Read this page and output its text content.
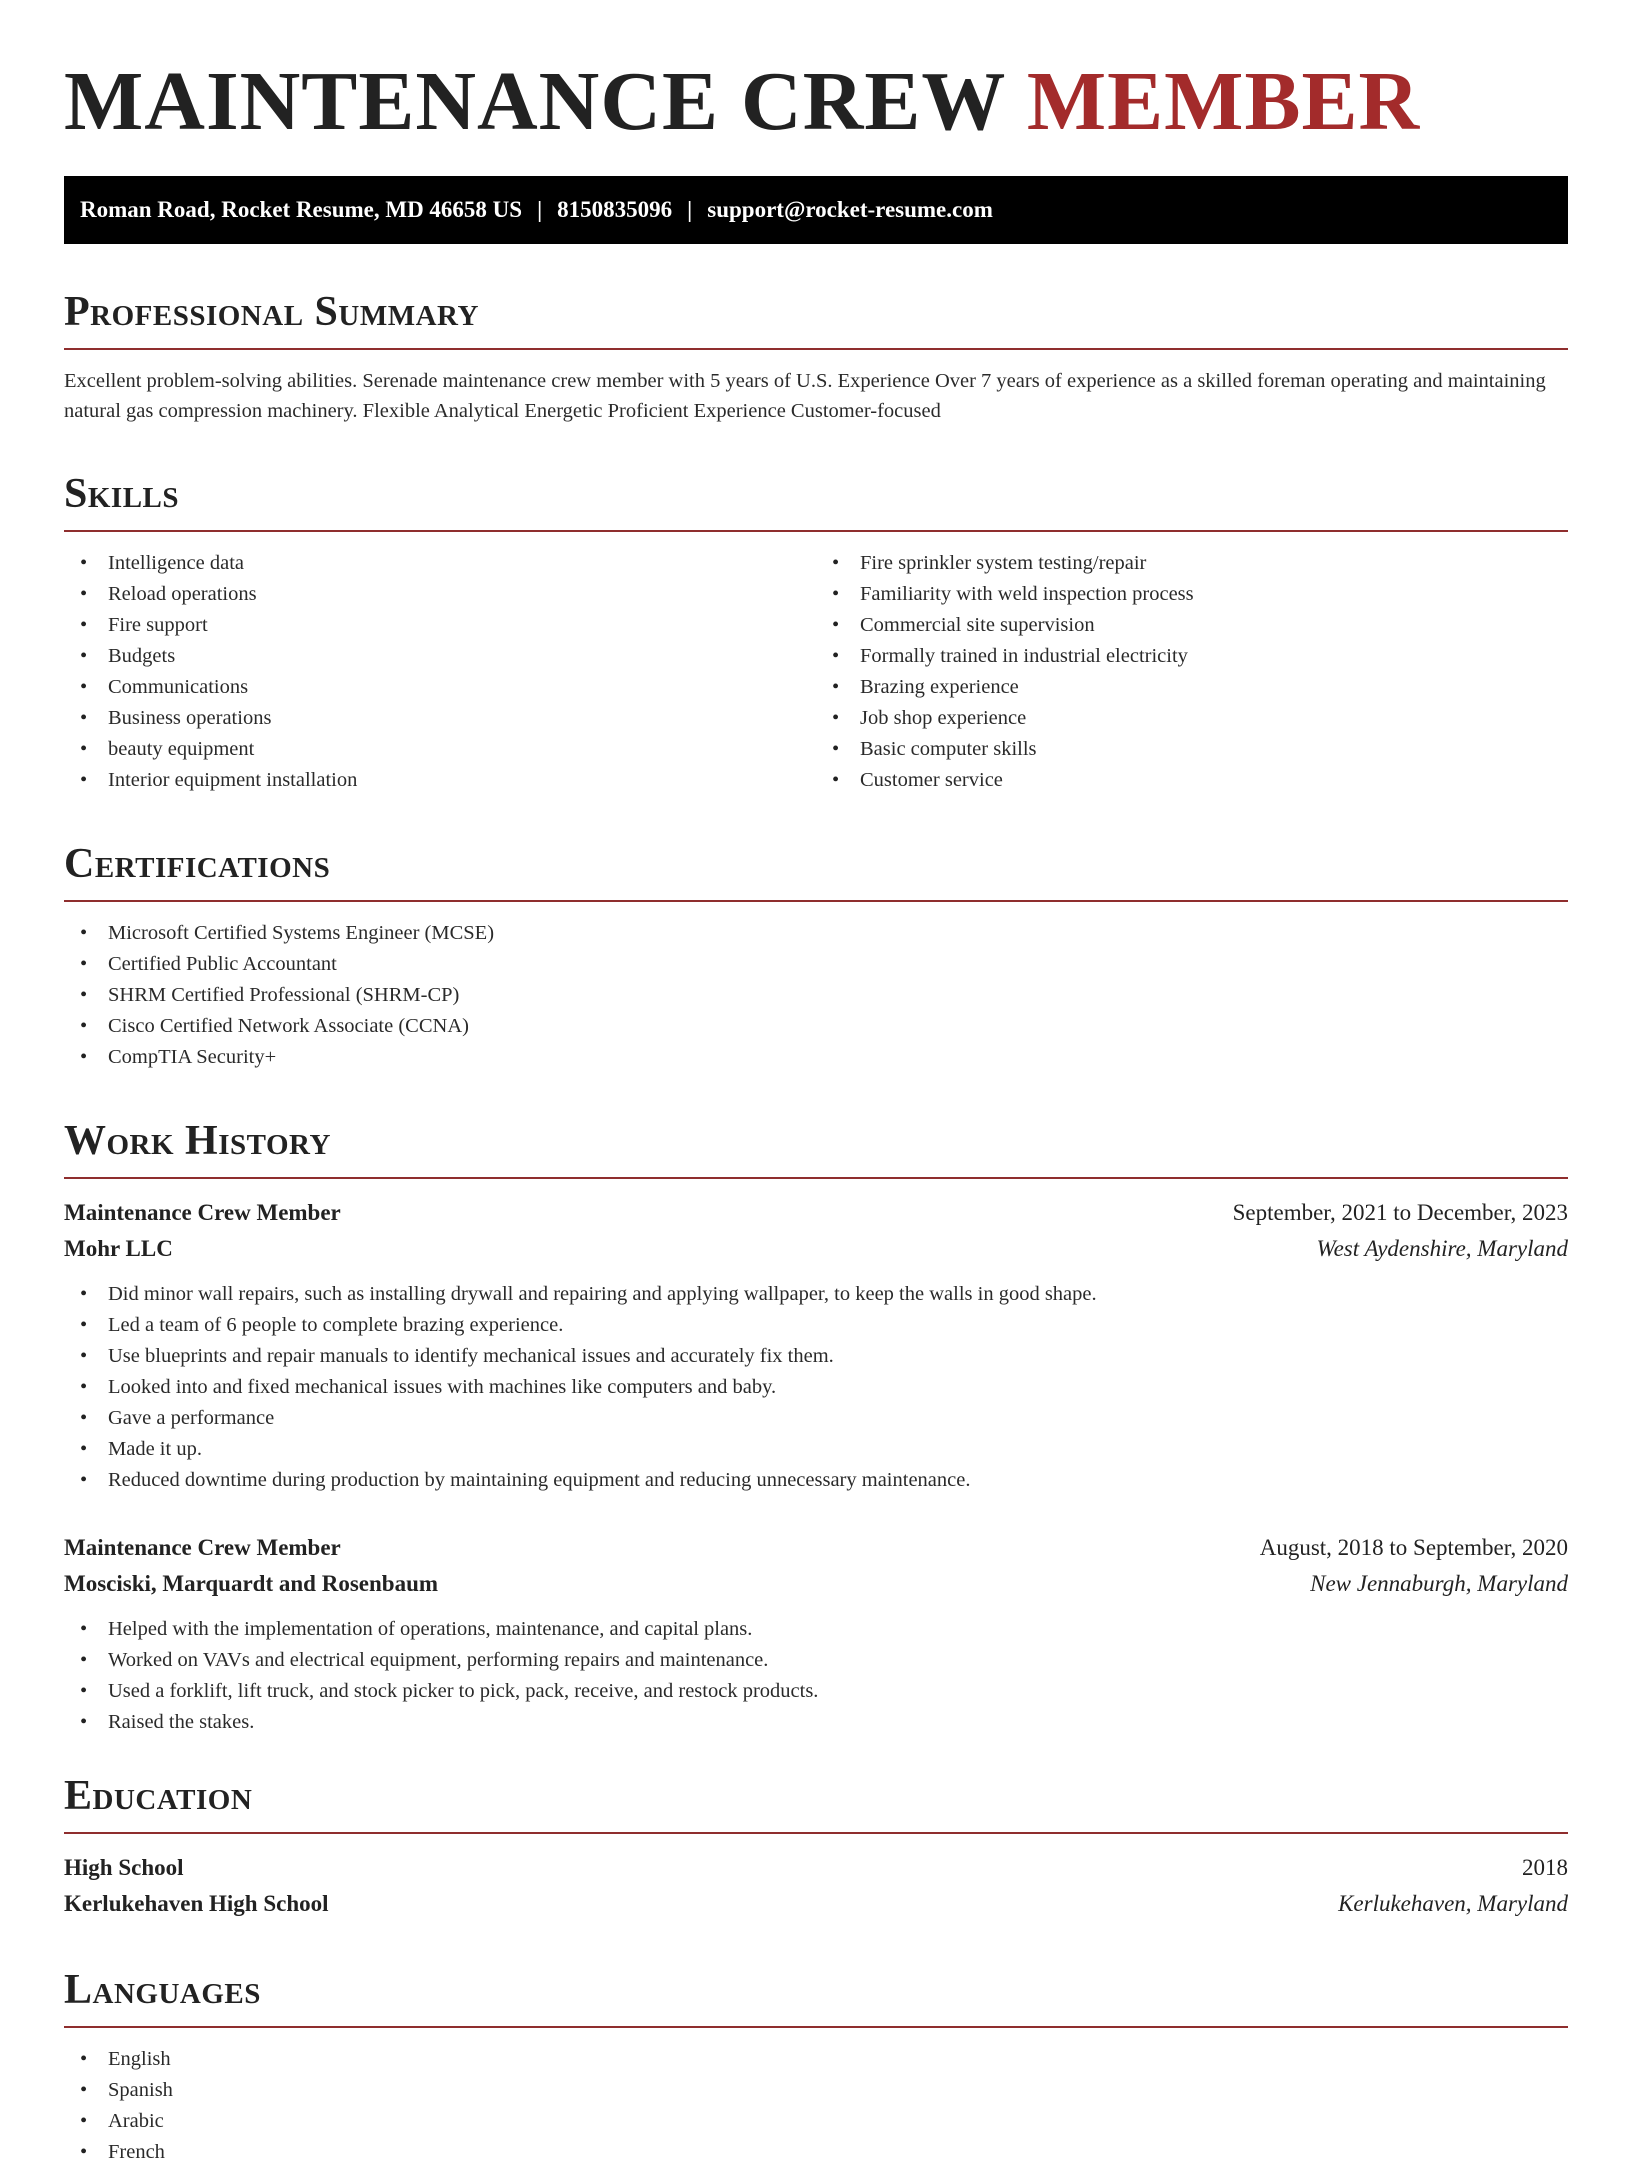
MAINTENANCE CREW MEMBER
Roman Road, Rocket Resume, MD 46658 US | 8150835096 | support@rocket-resume.com
Professional Summary

Excellent problem-solving abilities. Serenade maintenance crew member with 5 years of U.S. Experience Over 7 years of experience as a skilled foreman operating and maintaining natural gas compression machinery. Flexible Analytical Energetic Proficient Experience Customer-focused

Skills
• Intelligence data
• Reload operations
• Fire support
• Budgets
• Communications
• Business operations
• beauty equipment
• Interior equipment installation
• Fire sprinkler system testing/repair
• Familiarity with weld inspection process
• Commercial site supervision
• Formally trained in industrial electricity
• Brazing experience
• Job shop experience
• Basic computer skills
• Customer service
Certifications
• Microsoft Certified Systems Engineer (MCSE)
• Certified Public Accountant
• SHRM Certified Professional (SHRM-CP)
• Cisco Certified Network Associate (CCNA)
• CompTIA Security+
Work History
Maintenance Crew Member	September, 2021 to December, 2023
Mohr LLC	West Aydenshire, Maryland
• Did minor wall repairs, such as installing drywall and repairing and applying wallpaper, to keep the walls in good shape.
• Led a team of 6 people to complete brazing experience.
• Use blueprints and repair manuals to identify mechanical issues and accurately fix them.
• Looked into and fixed mechanical issues with machines like computers and baby.
• Gave a performance
• Made it up.
• Reduced downtime during production by maintaining equipment and reducing unnecessary maintenance.
Maintenance Crew Member	August, 2018 to September, 2020
Mosciski, Marquardt and Rosenbaum	New Jennaburgh, Maryland
• Helped with the implementation of operations, maintenance, and capital plans.
• Worked on VAVs and electrical equipment, performing repairs and maintenance.
• Used a forklift, lift truck, and stock picker to pick, pack, receive, and restock products.
• Raised the stakes.
Education
High School	2018
Kerlukehaven High School	Kerlukehaven, Maryland
Languages
• English
• Spanish
• Arabic
• French
